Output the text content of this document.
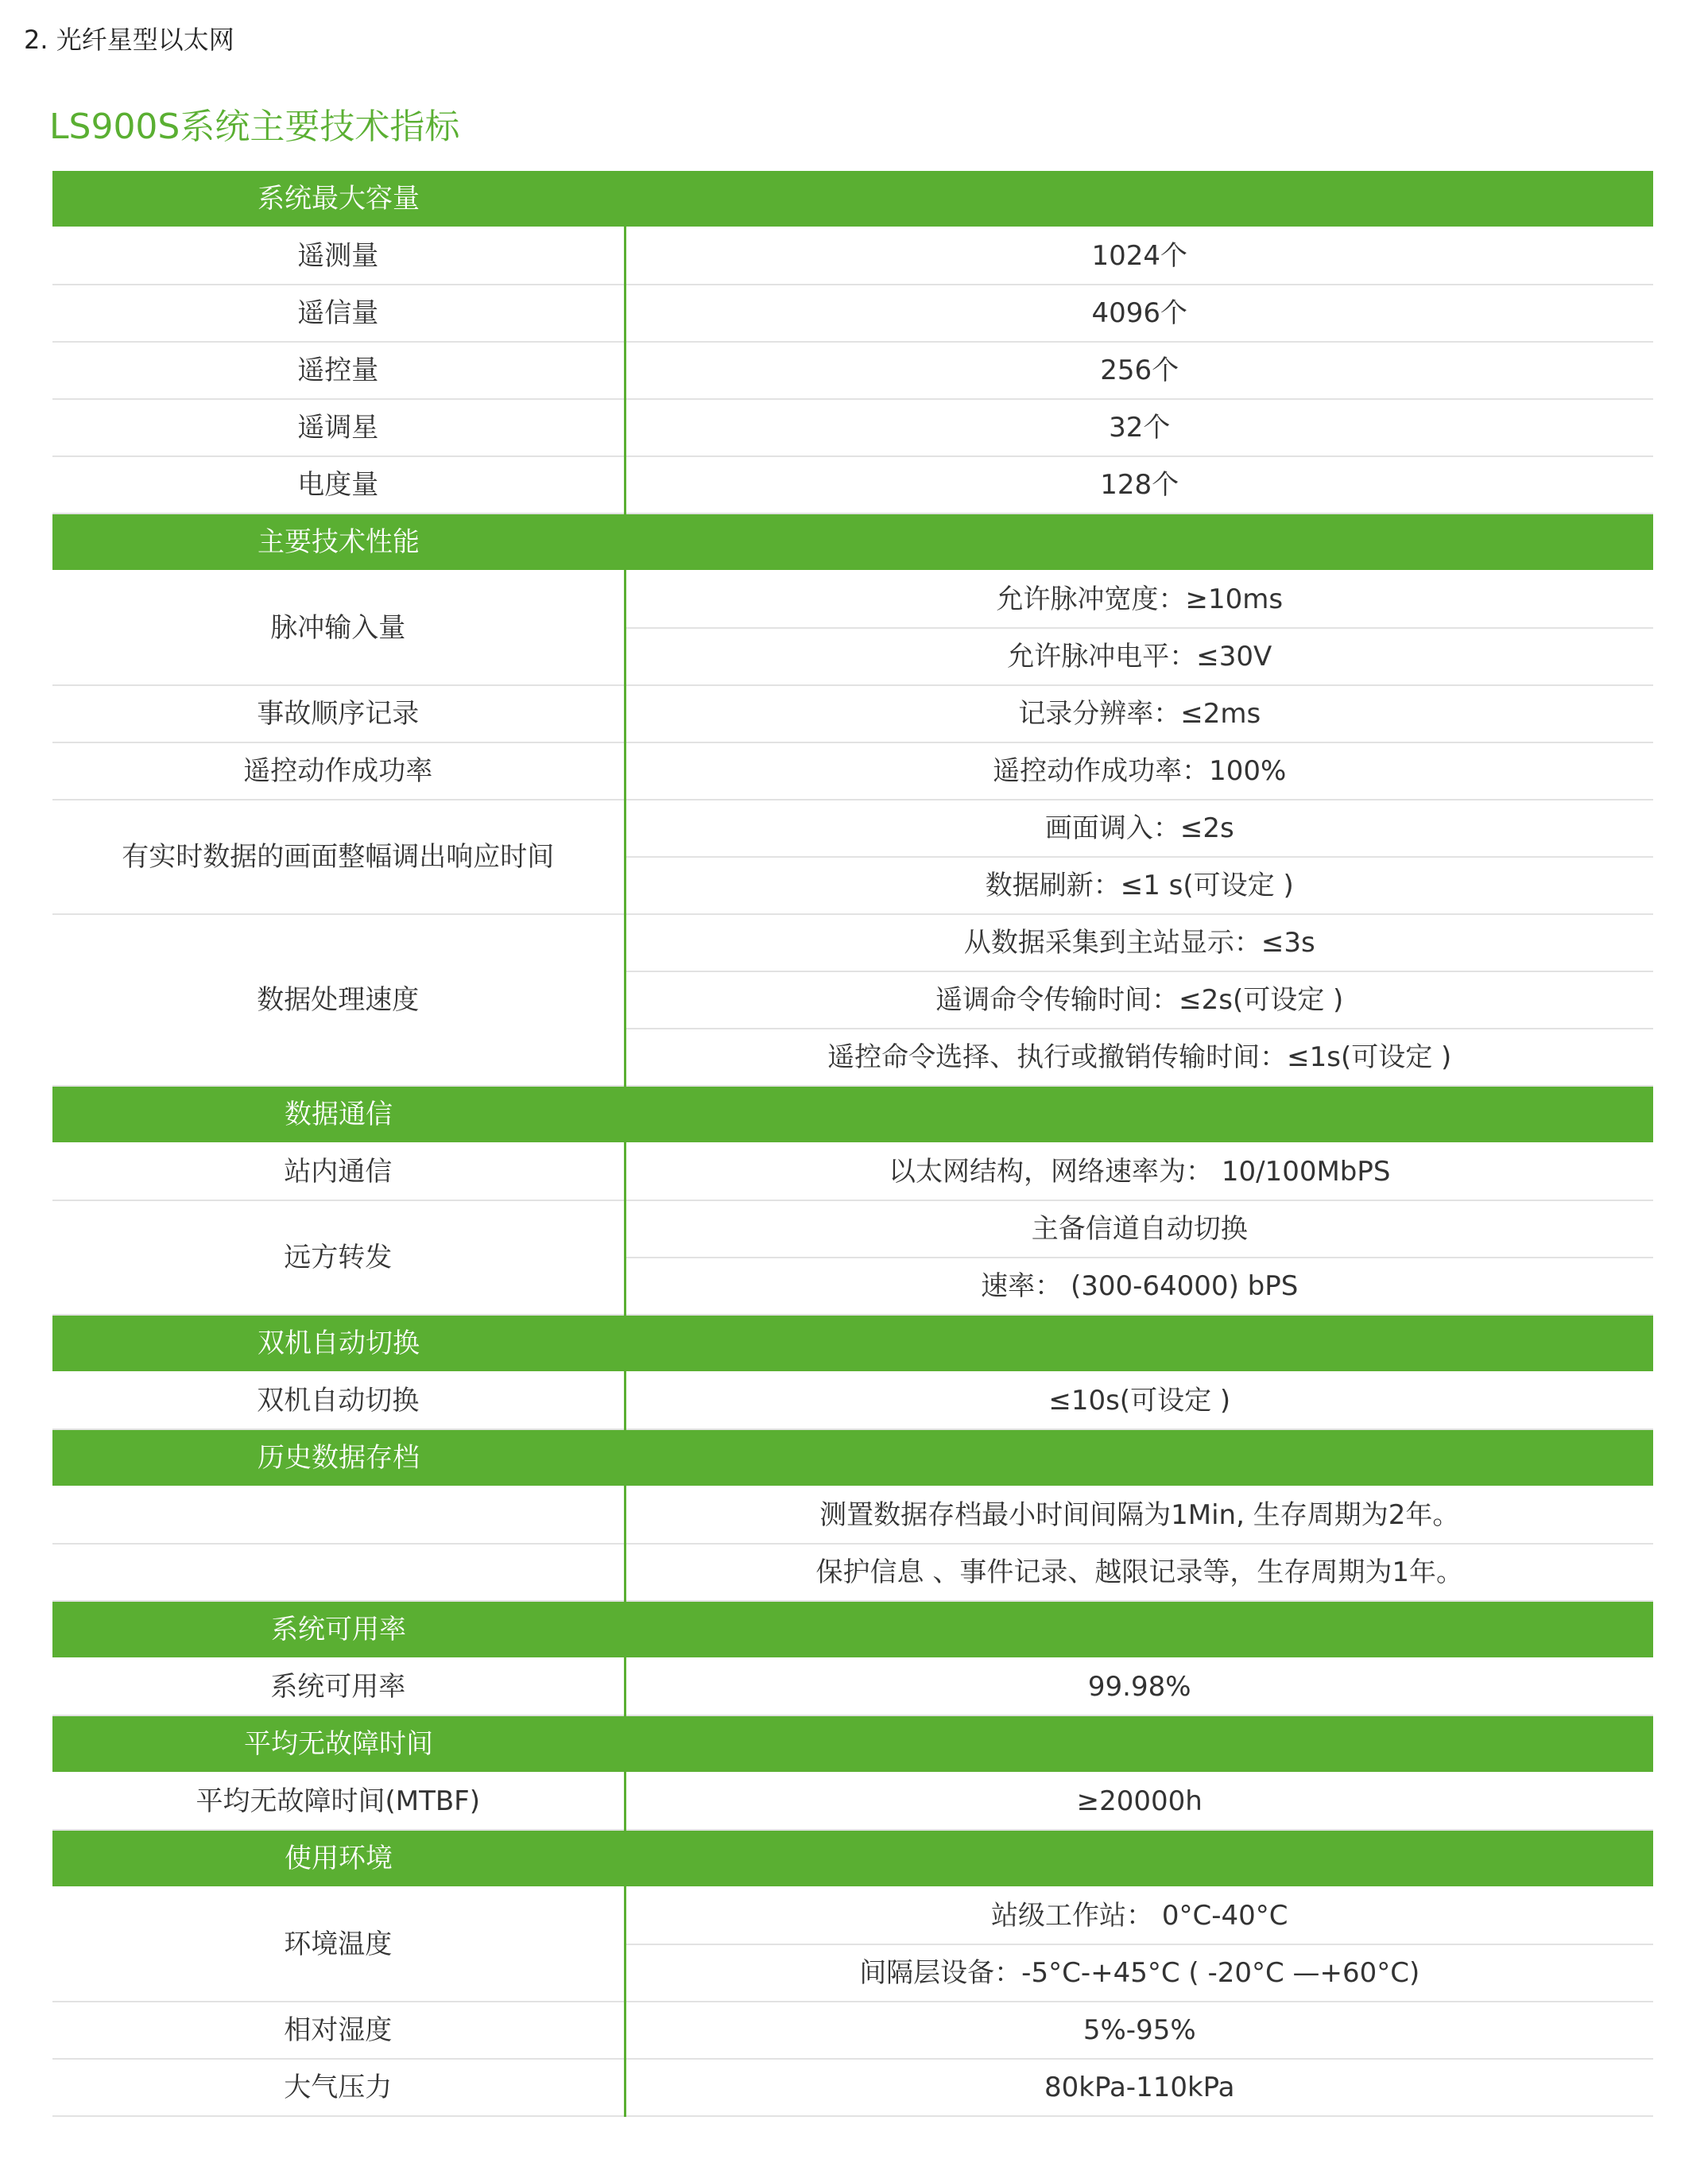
2. 光纤星型以太网
LS900S系统主要技术指标
系统最大容量	

遥测量	1024个
遥信量	4096个
遥控量	256个
遥调星	32个
电度量	128个

主要技术性能	

脉冲输入量	允许脉冲宽度：≥10ms
	允许脉冲电平：≤30V
事故顺序记录	记录分辨率：≤2ms
遥控动作成功率	遥控动作成功率：100%
有实时数据的画面整幅调出响应时间	画面调入：≤2s
	数据刷新：≤1 s(可设定 )
数据处理速度	从数据采集到主站显示：≤3s
	遥调命令传输时间：≤2s(可设定 )
	遥控命令选择、执行或撤销传输时间：≤1s(可设定 )

数据通信	

站内通信	以太网结构，网络速率为： 10/100MbPS
远方转发	主备信道自动切换
	速率： (300-64000) bPS

双机自动切换	

双机自动切换	≤10s(可设定 )

历史数据存档	

	测置数据存档最小时间间隔为1Min, 生存周期为2年。
	保护信息 、事件记录、越限记录等，生存周期为1年。

系统可用率	

系统可用率	99.98%

平均无故障时间	

平均无故障时间(MTBF)	≥20000h

使用环境	

环境温度	站级工作站： 0°C-40°C
	间隔层设备：-5°C-+45°C ( -20°C —+60°C)
相对湿度	5%-95%
大气压力	80kPa-110kPa
